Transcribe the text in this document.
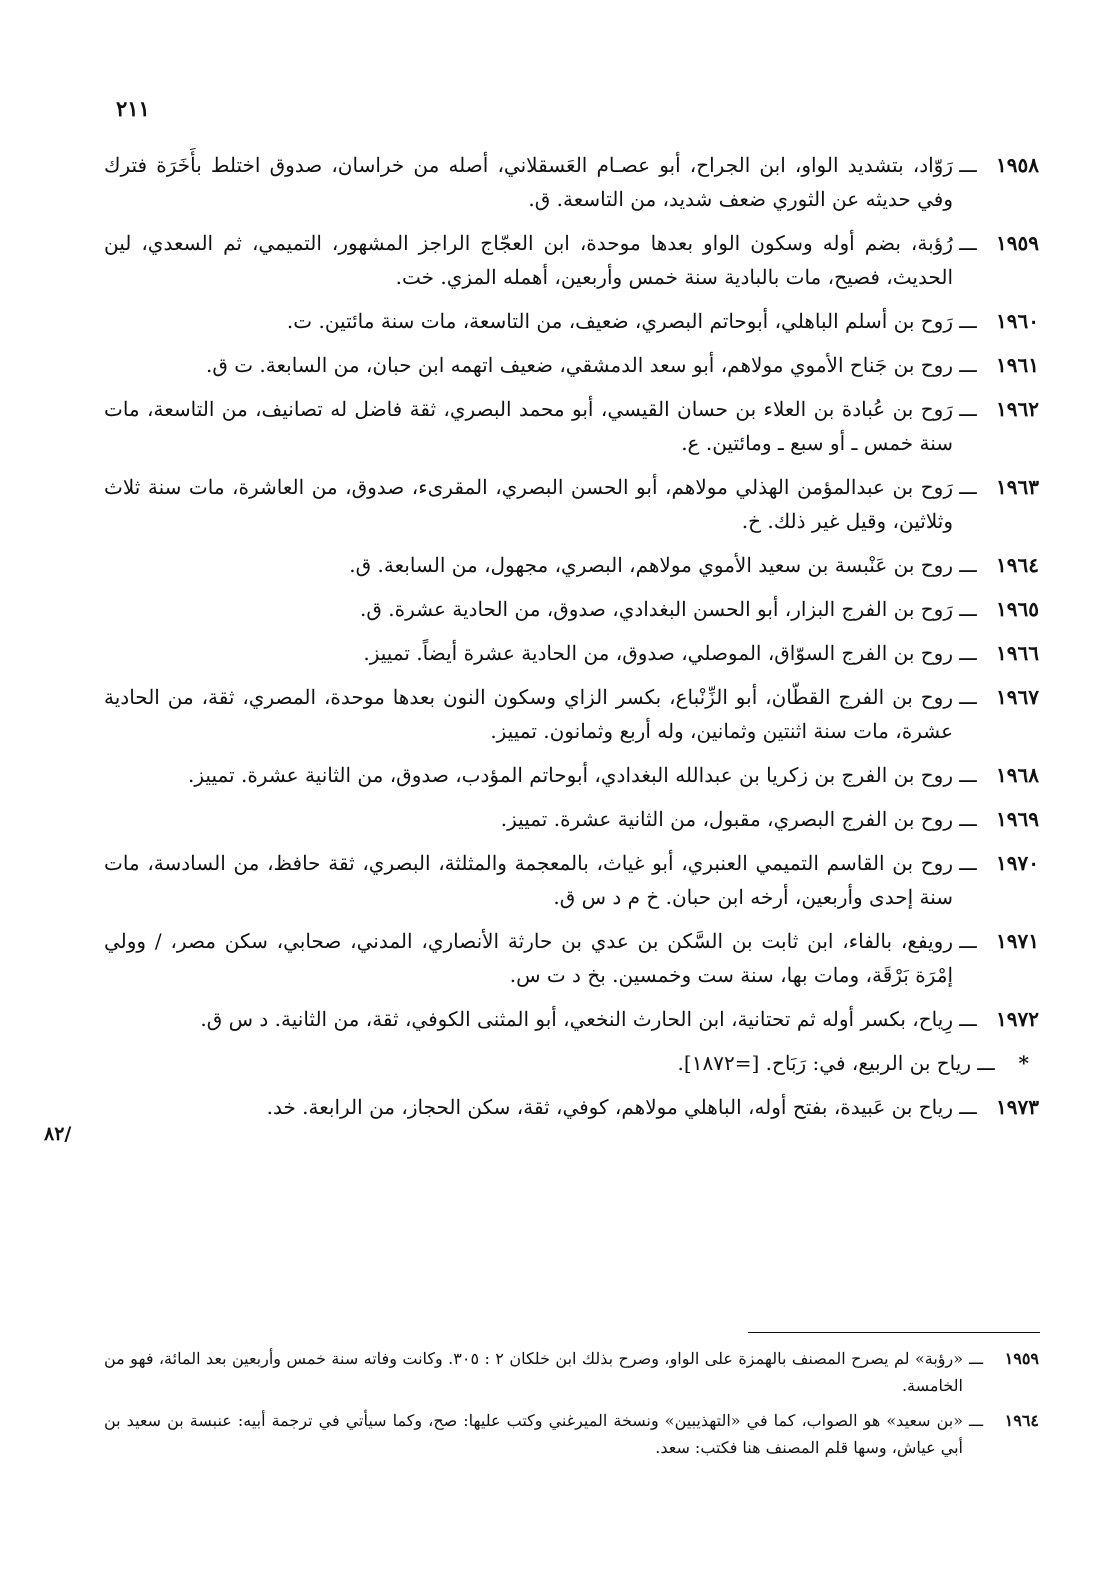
٢١١
/٨٢
١٩٥٨
ـــ
رَوّاد، بتشديد الواو، ابن الجراح، أبو عصـام العَسقلاني، أصله من خراسان، صدوق اختلط بأَخَرَة فترك وفي حديثه عن الثوري ضعف شديد، من التاسعة. ق.
١٩٥٩
ـــ
رُؤبة، بضم أوله وسكون الواو بعدها موحدة، ابن العجّاج الراجز المشهور، التميمي، ثم السعدي، لين الحديث، فصيح، مات بالبادية سنة خمس وأربعين، أهمله المزي. خت.
١٩٦٠
ـــ
رَوح بن أسلم الباهلي، أبوحاتم البصري، ضعيف، من التاسعة، مات سنة مائتين. ت.
١٩٦١
ـــ
روح بن جَناح الأموي مولاهم، أبو سعد الدمشقي، ضعيف اتهمه ابن حبان، من السابعة. ت ق.
١٩٦٢
ـــ
رَوح بن عُبادة بن العلاء بن حسان القيسي، أبو محمد البصري، ثقة فاضل له تصانيف، من التاسعة، مات سنة خمس ـ أو سبع ـ ومائتين. ع.
١٩٦٣
ـــ
رَوح بن عبدالمؤمن الهذلي مولاهم، أبو الحسن البصري، المقرىء، صدوق، من العاشرة، مات سنة ثلاث وثلاثين، وقيل غير ذلك. خ.
١٩٦٤
ـــ
روح بن عَنْبسة بن سعيد الأموي مولاهم، البصري، مجهول، من السابعة. ق.
١٩٦٥
ـــ
رَوح بن الفرج البزار، أبو الحسن البغدادي، صدوق، من الحادية عشرة. ق.
١٩٦٦
ـــ
روح بن الفرج السوّاق، الموصلي، صدوق، من الحادية عشرة أيضاً. تمييز.
١٩٦٧
ـــ
روح بن الفرج القطّان، أبو الزِّنْباع، بكسر الزاي وسكون النون بعدها موحدة، المصري، ثقة، من الحادية عشرة، مات سنة اثنتين وثمانين، وله أربع وثمانون. تمييز.
١٩٦٨
ـــ
روح بن الفرج بن زكريا بن عبدالله البغدادي، أبوحاتم المؤدب، صدوق، من الثانية عشرة. تمييز.
١٩٦٩
ـــ
روح بن الفرج البصري، مقبول، من الثانية عشرة. تمييز.
١٩٧٠
ـــ
روح بن القاسم التميمي العنبري، أبو غياث، بالمعجمة والمثلثة، البصري، ثقة حافظ، من السادسة، مات سنة إحدى وأربعين، أرخه ابن حبان. خ م د س ق.
١٩٧١
ـــ
رويفع، بالفاء، ابن ثابت بن السَّكن بن عدي بن حارثة الأنصاري، المدني، صحابي، سكن مصر، / وولي إمْرَة بَرْقَة، ومات بها، سنة ست وخمسين. بخ د ت س.
١٩٧٢
ـــ
رِياح، بكسر أوله ثم تحتانية، ابن الحارث النخعي، أبو المثنى الكوفي، ثقة، من الثانية. د س ق.
*
ـــ
رياح بن الربيع، في: رَبَاح. [=١٨٧٢].
١٩٧٣
ـــ
رياح بن عَبيدة، بفتح أوله، الباهلي مولاهم، كوفي، ثقة، سكن الحجاز، من الرابعة. خد.
١٩٥٩
ـــ
«رؤبة» لم يصرح المصنف بالهمزة على الواو، وصرح بذلك ابن خلكان ٢ : ٣٠٥. وكانت وفاته سنة خمس وأربعين بعد المائة، فهو من الخامسة.
١٩٦٤
ـــ
«بن سعيد» هو الصواب، كما في «التهذيبين» ونسخة الميرغني وكتب عليها: صح، وكما سيأتي في ترجمة أبيه: عنبسة بن سعيد بن أبي عياش، وسها قلم المصنف هنا فكتب: سعد.
